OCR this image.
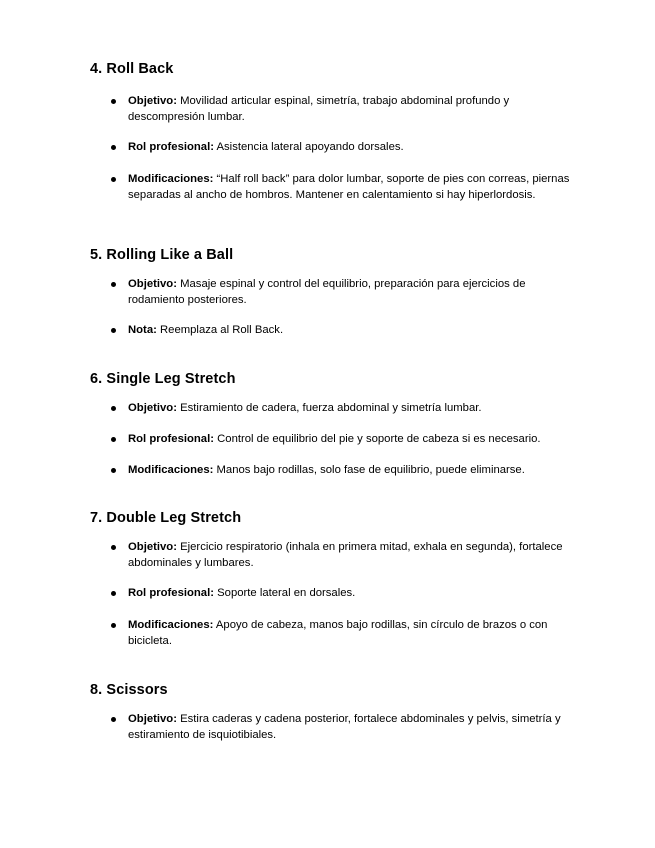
4. Roll Back
Objetivo: Movilidad articular espinal, simetría, trabajo abdominal profundo y descompresión lumbar.
Rol profesional: Asistencia lateral apoyando dorsales.
Modificaciones: “Half roll back” para dolor lumbar, soporte de pies con correas, piernas separadas al ancho de hombros. Mantener en calentamiento si hay hiperlordosis.
5. Rolling Like a Ball
Objetivo: Masaje espinal y control del equilibrio, preparación para ejercicios de rodamiento posteriores.
Nota: Reemplaza al Roll Back.
6. Single Leg Stretch
Objetivo: Estiramiento de cadera, fuerza abdominal y simetría lumbar.
Rol profesional: Control de equilibrio del pie y soporte de cabeza si es necesario.
Modificaciones: Manos bajo rodillas, solo fase de equilibrio, puede eliminarse.
7. Double Leg Stretch
Objetivo: Ejercicio respiratorio (inhala en primera mitad, exhala en segunda), fortalece abdominales y lumbares.
Rol profesional: Soporte lateral en dorsales.
Modificaciones: Apoyo de cabeza, manos bajo rodillas, sin círculo de brazos o con bicicleta.
8. Scissors
Objetivo: Estira caderas y cadena posterior, fortalece abdominales y pelvis, simetría y estiramiento de isquiotibiales.
